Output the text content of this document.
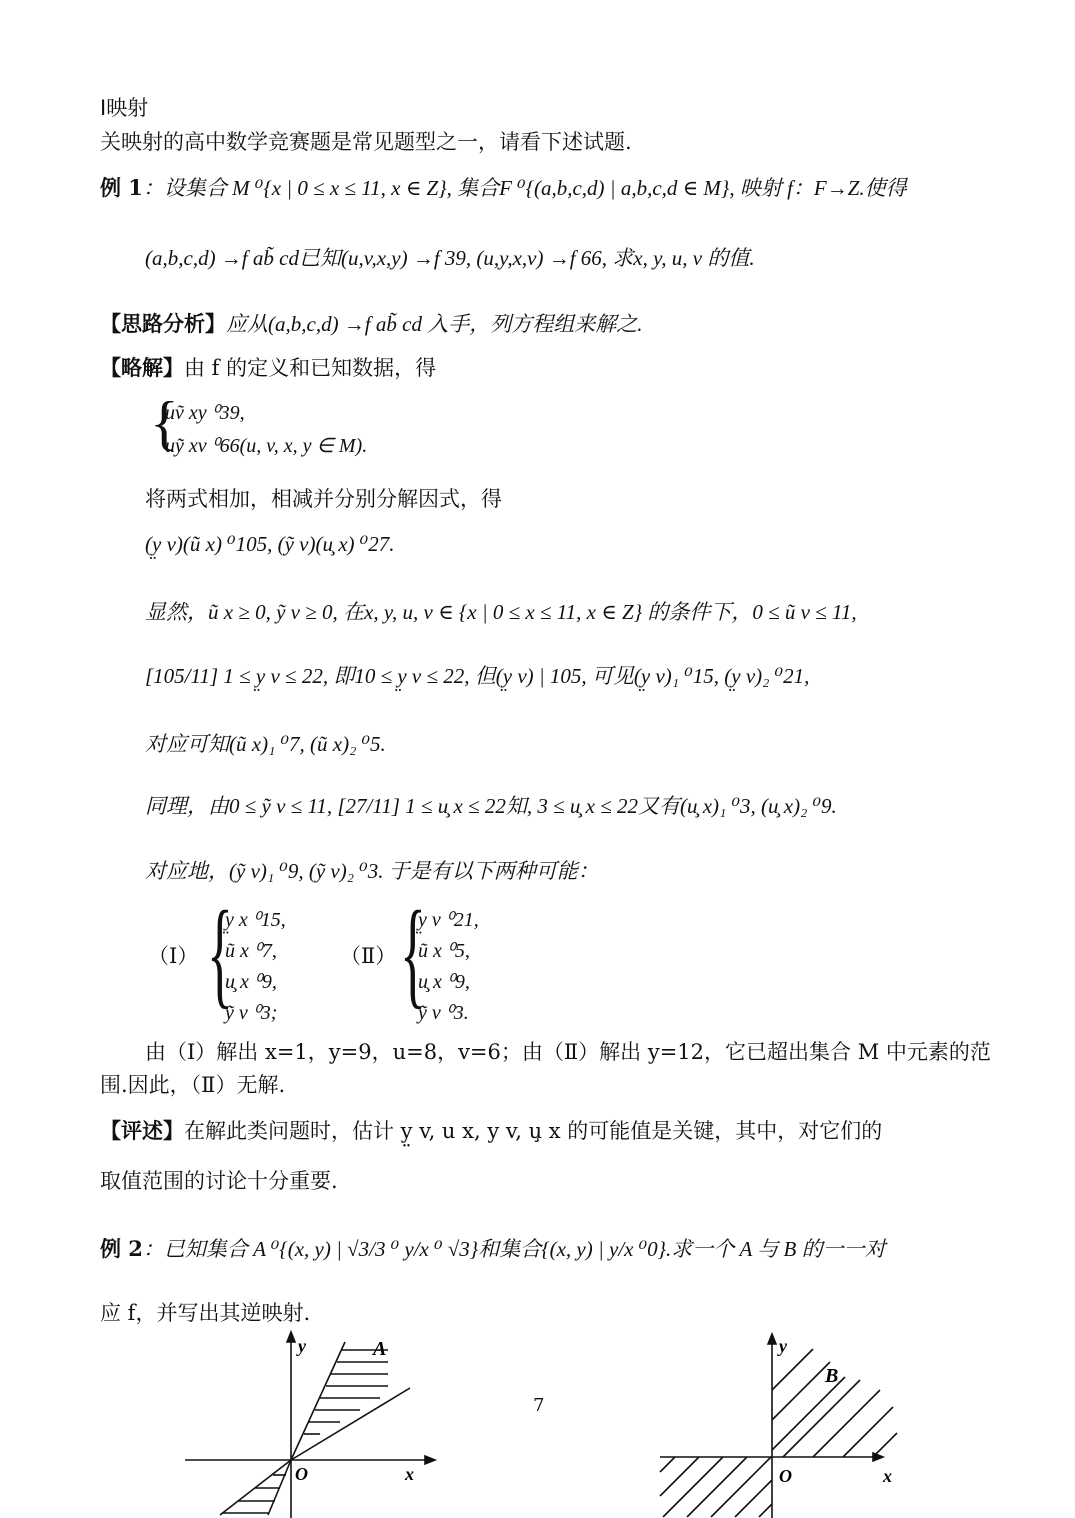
Ⅰ映射
关映射的高中数学竞赛题是常见题型之一，请看下述试题.
例 1：设集合 M ⁰{x | 0 ≤ x ≤ 11, x ∈ Z}, 集合F ⁰{(a,b,c,d) | a,b,c,d ∈ M}, 映射 f：F→Z.使得
(a,b,c,d) →f ab̃ cd已知(u,v,x,y) →f 39, (u,y,x,v) →f 66, 求x, y, u, v 的值.
【思路分析】应从(a,b,c,d) →f ab̃ cd 入手，列方程组来解之.
【略解】由 f 的定义和已知数据，得
{
uṽ xy ⁰39,
uỹ xv ⁰66(u, v, x, y ∈ M).
将两式相加，相减并分别分解因式，得
(y̤ v)(ũ x) ⁰105, (ỹ v)(u̧ x) ⁰27.
显然，ũ x ≥ 0, ỹ v ≥ 0, 在x, y, u, v ∈ {x | 0 ≤ x ≤ 11, x ∈ Z} 的条件下，0 ≤ ũ v ≤ 11,
[105/11] 1 ≤ y̤ v ≤ 22, 即10 ≤ y̤ v ≤ 22, 但(y̤ v) | 105, 可见(y̤ v)₁ ⁰15, (y̤ v)₂ ⁰21,
对应可知(ũ x)₁ ⁰7, (ũ x)₂ ⁰5.
同理，由0 ≤ ỹ v ≤ 11, [27/11] 1 ≤ u̧ x ≤ 22知, 3 ≤ u̧ x ≤ 22又有(u̧ x)₁ ⁰3, (u̧ x)₂ ⁰9.
对应地，(ỹ v)₁ ⁰9, (ỹ v)₂ ⁰3. 于是有以下两种可能：
（Ⅰ） {
y̤ x ⁰15,
ũ x ⁰7,
u̧ x ⁰9,
ỹ v ⁰3;
（Ⅱ） {
y̤ v ⁰21,
ũ x ⁰5,
u̧ x ⁰9,
ỹ v ⁰3.
由（Ⅰ）解出 x=1，y=9，u=8，v=6；由（Ⅱ）解出 y=12，它已超出集合 M 中元素的范
围.因此，（Ⅱ）无解.
【评述】在解此类问题时，估计 y̤ v, u x, y v, u̧ x 的可能值是关键，其中，对它们的
取值范围的讨论十分重要.
例 2：已知集合 A ⁰{(x, y) | √3/3 ⁰ y/x ⁰ √3}和集合{(x, y) | y/x ⁰0}.求一个 A 与 B 的一一对
应 f，并写出其逆映射.
7
A
y
x
O
B
y
x
O
